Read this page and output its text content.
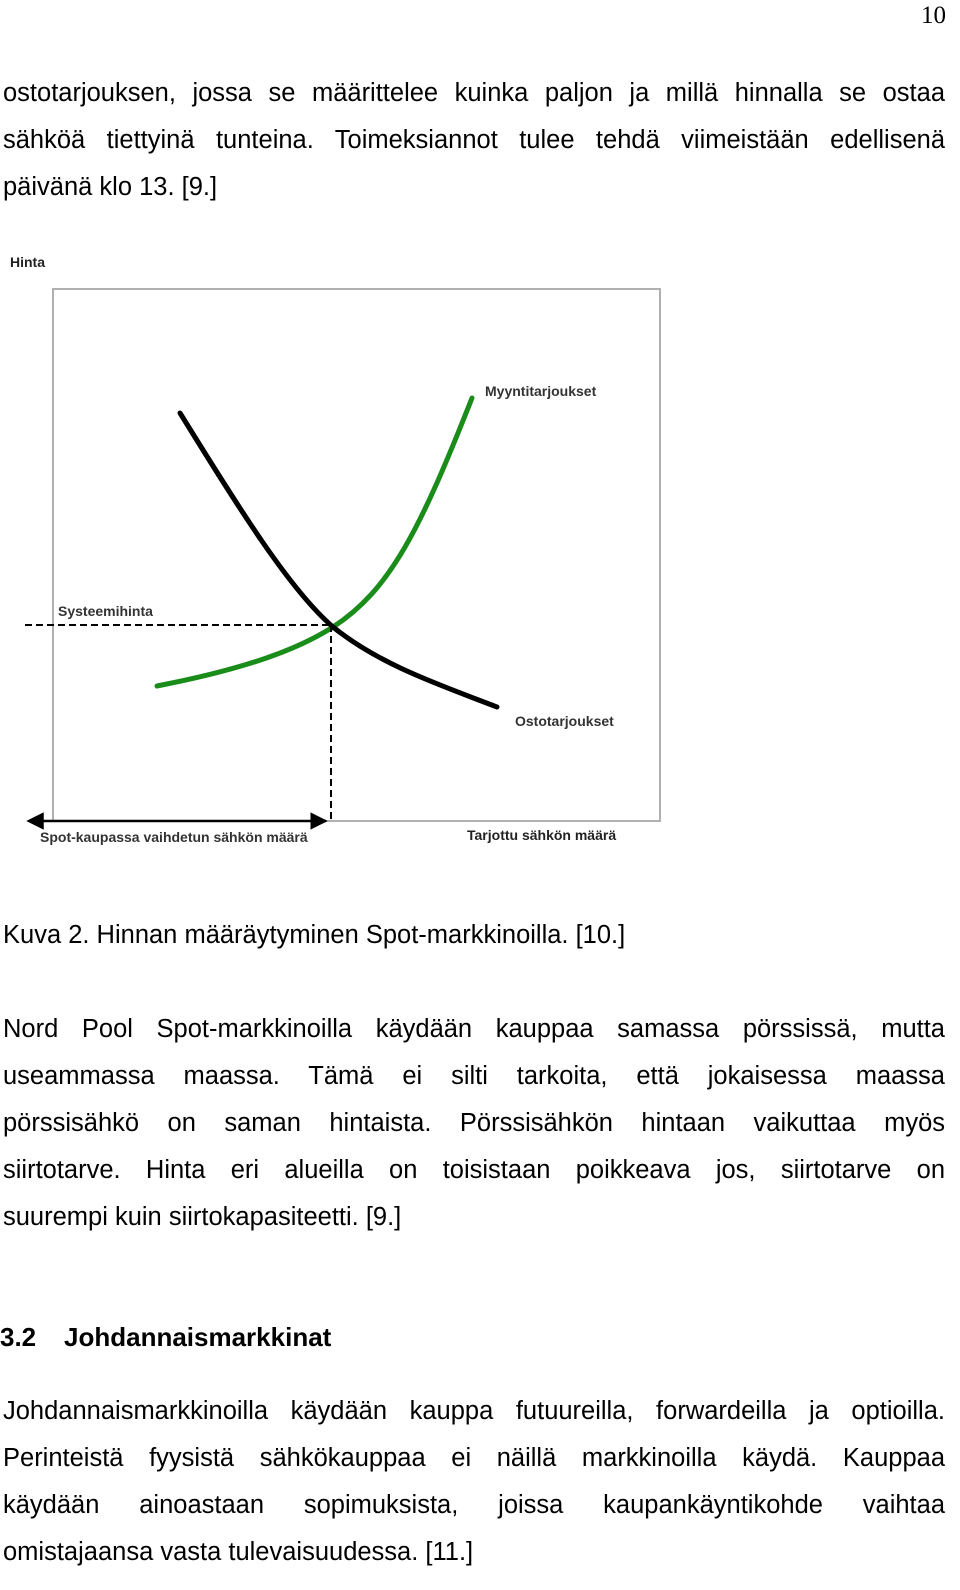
10
ostotarjouksen, jossa se määrittelee kuinka paljon ja millä hinnalla se ostaa
sähköä tiettyinä tunteina. Toimeksiannot tulee tehdä viimeistään edellisenä
päivänä klo 13. [9.]
Hinta
Myyntitarjoukset
Systeemihinta
Ostotarjoukset
Spot-kaupassa vaihdetun sähkön määrä	Tarjottu sähkön määrä
Kuva 2. Hinnan määräytyminen Spot-markkinoilla. [10.]
Nord Pool Spot-markkinoilla käydään kauppaa samassa pörssissä, mutta
useammassa maassa. Tämä ei silti tarkoita, että jokaisessa maassa
pörssisähkö on saman hintaista. Pörssisähkön hintaan vaikuttaa myös
siirtotarve. Hinta eri alueilla on toisistaan poikkeava jos, siirtotarve on
suurempi kuin siirtokapasiteetti. [9.]
3.2 Johdannaismarkkinat
Johdannaismarkkinoilla käydään kauppa futuureilla, forwardeilla ja optioilla.
Perinteistä fyysistä sähkökauppaa ei näillä markkinoilla käydä. Kauppaa
käydään ainoastaan sopimuksista, joissa kaupankäyntikohde vaihtaa
omistajaansa vasta tulevaisuudessa. [11.]
